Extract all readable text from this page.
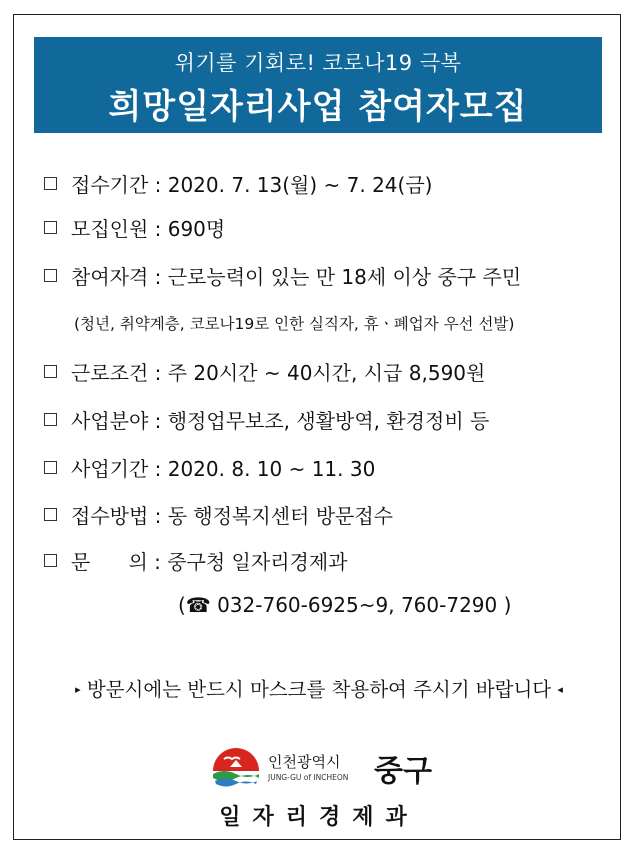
위기를 기회로! 코로나19 극복
희망일자리사업 참여자모집
접수기간 : 2020. 7. 13(월) ~ 7. 24(금)
모집인원 : 690명
참여자격 : 근로능력이 있는 만 18세 이상 중구 주민
(청년, 취약계층, 코로나19로 인한 실직자, 휴ㆍ폐업자 우선 선발)
근로조건 : 주 20시간 ~ 40시간, 시급 8,590원
사업분야 : 행정업무보조, 생활방역, 환경정비 등
사업기간 : 2020. 8. 10 ~ 11. 30
접수방법 : 동 행정복지센터 방문접수
문      의 : 중구청 일자리경제과
(☎ 032-760-6925~9, 760-7290 )
▸ 방문시에는 반드시 마스크를 착용하여 주시기 바랍니다 ◂
인천광역시
JUNG-GU of INCHEON 중구
일자리경제과
